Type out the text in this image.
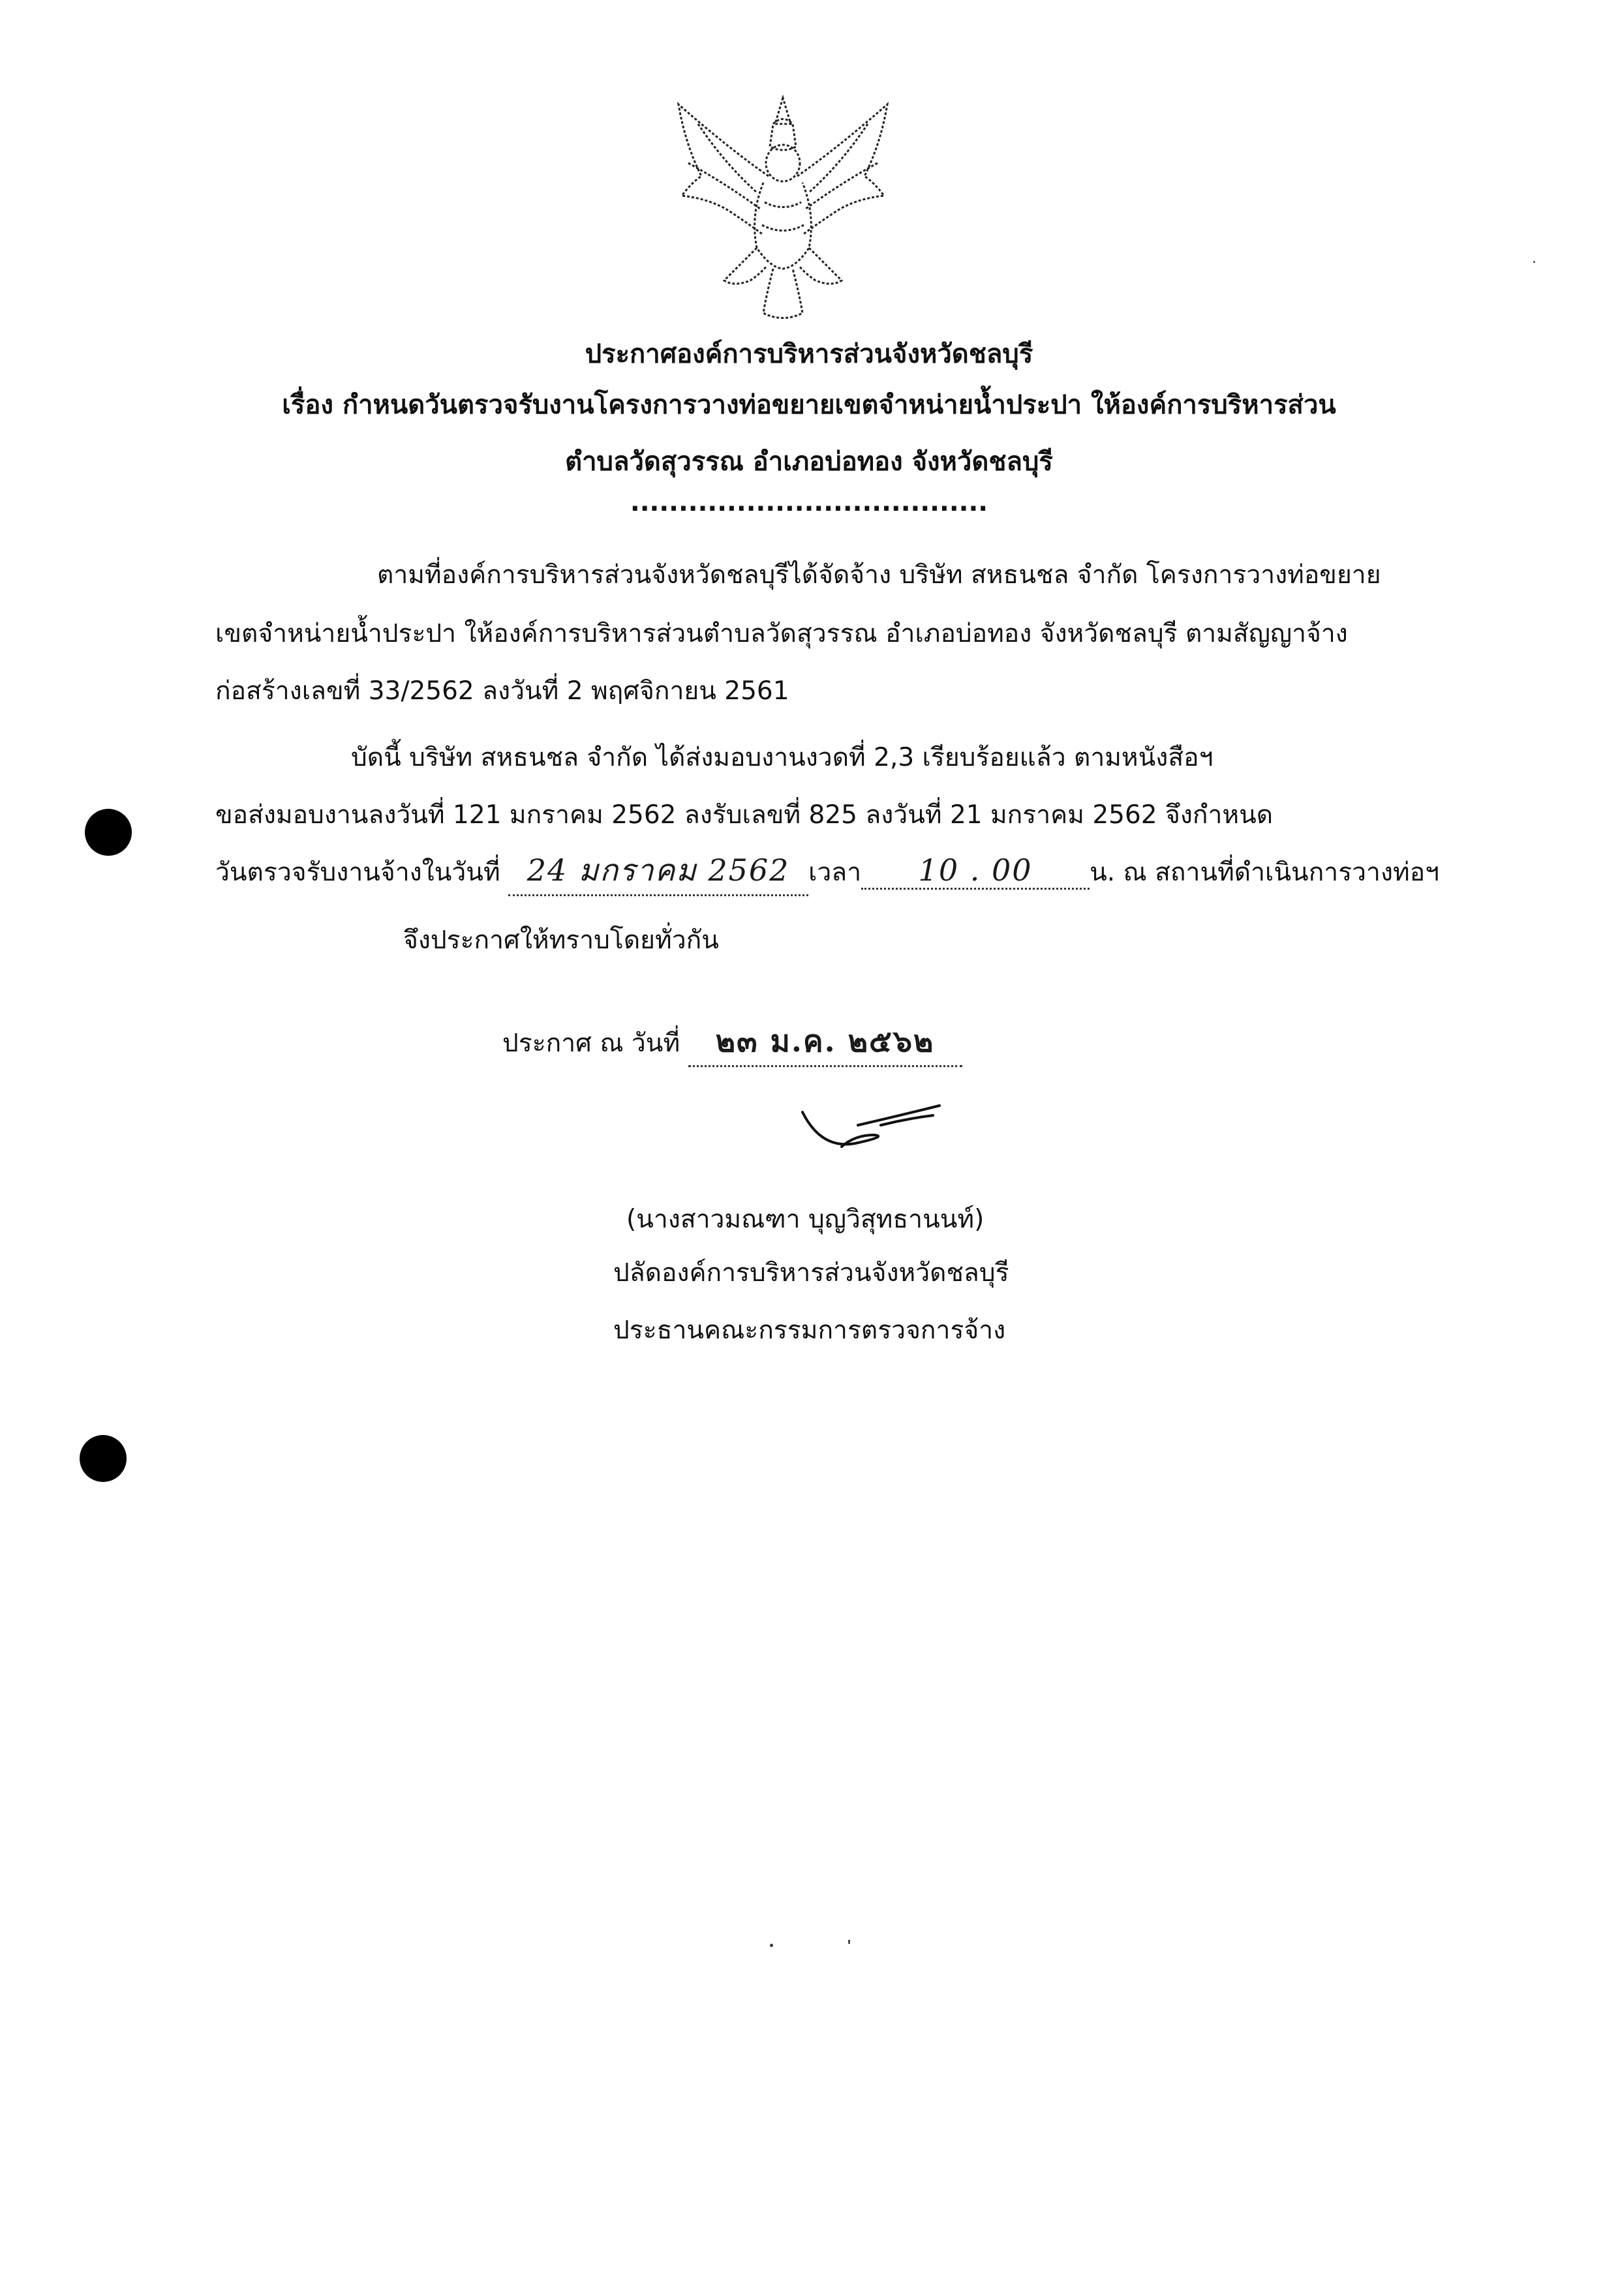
ประกาศองค์การบริหารส่วนจังหวัดชลบุรี
เรื่อง กำหนดวันตรวจรับงานโครงการวางท่อขยายเขตจำหน่ายน้ำประปา ให้องค์การบริหารส่วน
ตำบลวัดสุวรรณ อำเภอบ่อทอง จังหวัดชลบุรี
.....................................
ตามที่องค์การบริหารส่วนจังหวัดชลบุรีได้จัดจ้าง บริษัท สหธนชล จำกัด โครงการวางท่อขยาย
เขตจำหน่ายน้ำประปา ให้องค์การบริหารส่วนตำบลวัดสุวรรณ อำเภอบ่อทอง จังหวัดชลบุรี ตามสัญญาจ้าง
ก่อสร้างเลขที่ 33/2562 ลงวันที่ 2 พฤศจิกายน 2561
บัดนี้ บริษัท สหธนชล จำกัด ได้ส่งมอบงานงวดที่ 2,3 เรียบร้อยแล้ว ตามหนังสือฯ
ขอส่งมอบงานลงวันที่ 121 มกราคม 2562 ลงรับเลขที่ 825 ลงวันที่ 21 มกราคม 2562 จึงกำหนด
วันตรวจรับงานจ้างในวันที่ 24 มกราคม 2562 เวลา 10 . 00 น. ณ สถานที่ดำเนินการวางท่อฯ
จึงประกาศให้ทราบโดยทั่วกัน
ประกาศ ณ วันที่ ๒๓ ม.ค. ๒๕๖๒
(นางสาวมณฑา บุญวิสุทธานนท์)
ปลัดองค์การบริหารส่วนจังหวัดชลบุรี
ประธานคณะกรรมการตรวจการจ้าง
